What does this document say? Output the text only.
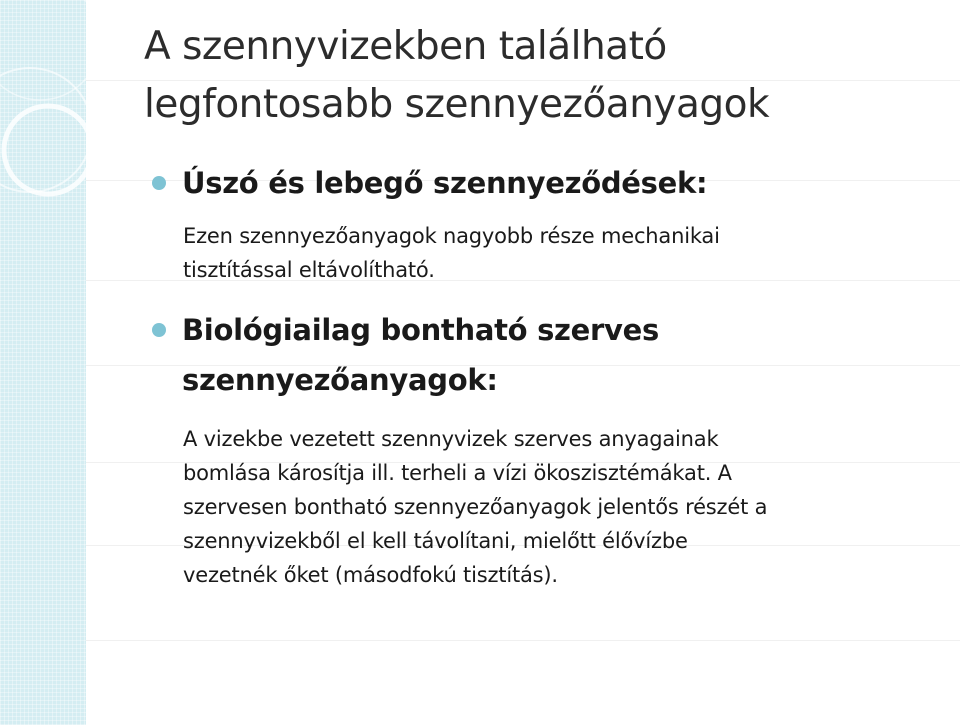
A szennyvizekben található
legfontosabb szennyezőanyagok
Úszó és lebegő szennyeződések:

Ezen szennyezőanyagok nagyobb része mechanikai
tisztítással eltávolítható.

Biológiailag bontható szerves
szennyezőanyagok:

A vizekbe vezetett szennyvizek szerves anyagainak
bomlása károsítja ill. terheli a vízi ökoszisztémákat. A
szervesen bontható szennyezőanyagok jelentős részét a
szennyvizekből el kell távolítani, mielőtt élővízbe
vezetnék őket (másodfokú tisztítás).
